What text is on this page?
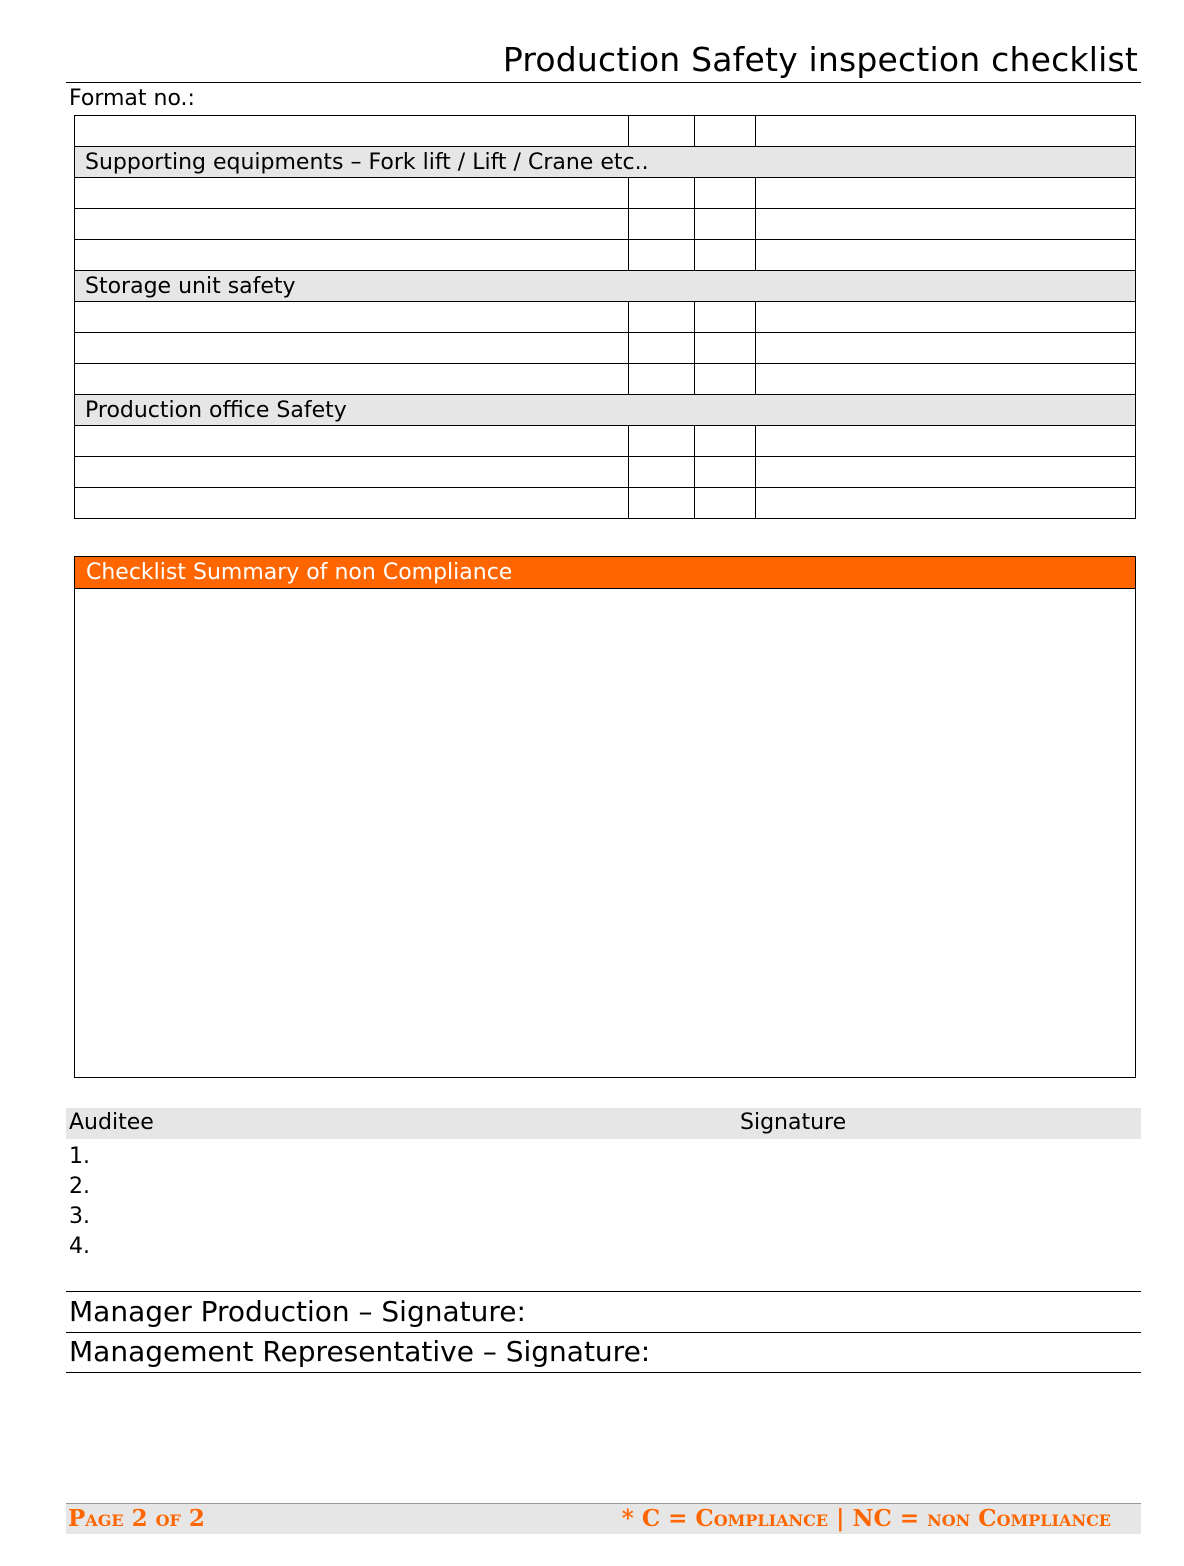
Production Safety inspection checklist
Format no.:

Supporting equipments – Fork lift / Lift / Crane etc..			

Storage unit safety			

Production office Safety			

Checklist Summary of non Compliance
Auditee	Signature
1.
2.
3.
4.
Manager Production – Signature:
Management Representative – Signature:
Page 2 of 2	* C = Compliance | NC = non Compliance
